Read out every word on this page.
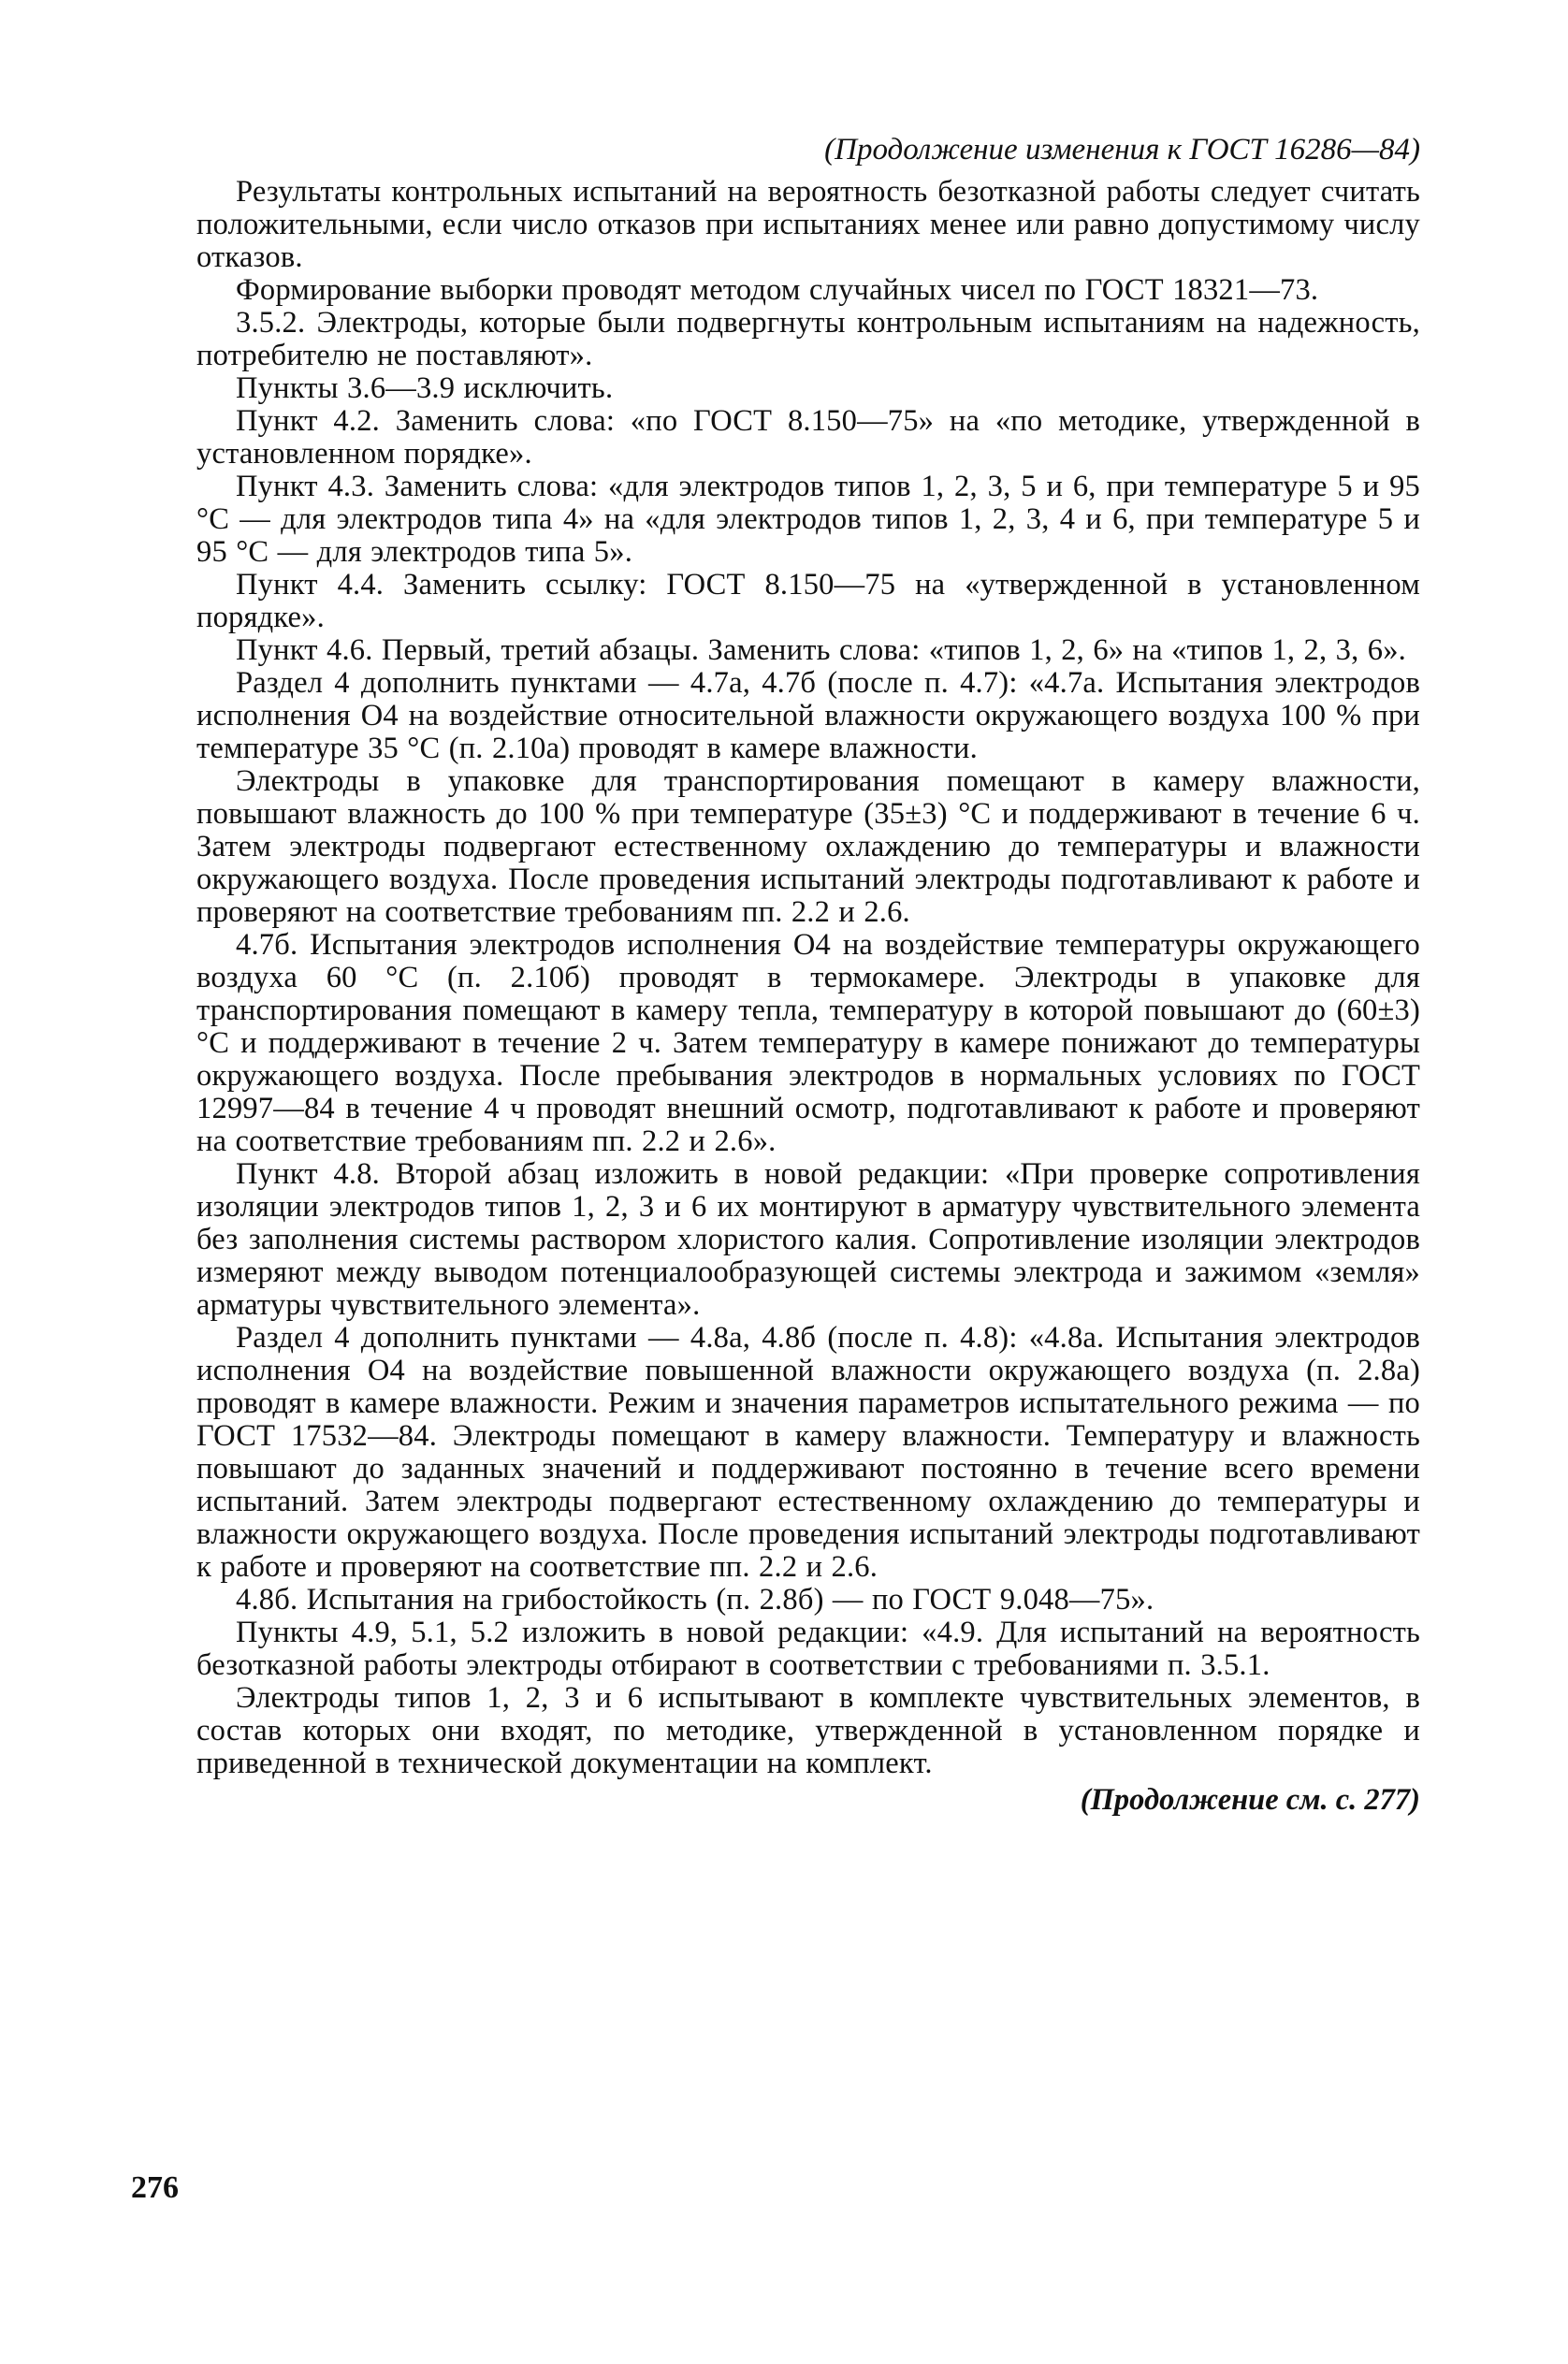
(Продолжение изменения к ГОСТ 16286—84)

Результаты контрольных испытаний на вероятность безотказной работы следует считать положительными, если число отказов при испытаниях менее или равно допустимому числу отказов.

Формирование выборки проводят методом случайных чисел по ГОСТ 18321—73.

3.5.2. Электроды, которые были подвергнуты контрольным испытаниям на надежность, потребителю не поставляют».

Пункты 3.6—3.9 исключить.

Пункт 4.2. Заменить слова: «по ГОСТ 8.150—75» на «по методике, утвержденной в установленном порядке».

Пункт 4.3. Заменить слова: «для электродов типов 1, 2, 3, 5 и 6, при температуре 5 и 95 °C — для электродов типа 4» на «для электродов типов 1, 2, 3, 4 и 6, при температуре 5 и 95 °C — для электродов типа 5».

Пункт 4.4. Заменить ссылку: ГОСТ 8.150—75 на «утвержденной в установленном порядке».

Пункт 4.6. Первый, третий абзацы. Заменить слова: «типов 1, 2, 6» на «типов 1, 2, 3, 6».

Раздел 4 дополнить пунктами — 4.7а, 4.7б (после п. 4.7): «4.7а. Испытания электродов исполнения О4 на воздействие относительной влажности окружающего воздуха 100 % при температуре 35 °C (п. 2.10а) проводят в камере влажности.

Электроды в упаковке для транспортирования помещают в камеру влажности, повышают влажность до 100 % при температуре (35±3) °C и поддерживают в течение 6 ч. Затем электроды подвергают естественному охлаждению до температуры и влажности окружающего воздуха. После проведения испытаний электроды подготавливают к работе и проверяют на соответствие требованиям пп. 2.2 и 2.6.

4.7б. Испытания электродов исполнения О4 на воздействие температуры окружающего воздуха 60 °C (п. 2.10б) проводят в термокамере. Электроды в упаковке для транспортирования помещают в камеру тепла, температуру в которой повышают до (60±3) °C и поддерживают в течение 2 ч. Затем температуру в камере понижают до температуры окружающего воздуха. После пребывания электродов в нормальных условиях по ГОСТ 12997—84 в течение 4 ч проводят внешний осмотр, подготавливают к работе и проверяют на соответствие требованиям пп. 2.2 и 2.6».

Пункт 4.8. Второй абзац изложить в новой редакции: «При проверке сопротивления изоляции электродов типов 1, 2, 3 и 6 их монтируют в арматуру чувствительного элемента без заполнения системы раствором хлористого калия. Сопротивление изоляции электродов измеряют между выводом потенциалообразующей системы электрода и зажимом «земля» арматуры чувствительного элемента».

Раздел 4 дополнить пунктами — 4.8а, 4.8б (после п. 4.8): «4.8а. Испытания электродов исполнения О4 на воздействие повышенной влажности окружающего воздуха (п. 2.8а) проводят в камере влажности. Режим и значения параметров испытательного режима — по ГОСТ 17532—84. Электроды помещают в камеру влажности. Температуру и влажность повышают до заданных значений и поддерживают постоянно в течение всего времени испытаний. Затем электроды подвергают естественному охлаждению до температуры и влажности окружающего воздуха. После проведения испытаний электроды подготавливают к работе и проверяют на соответствие пп. 2.2 и 2.6.

4.8б. Испытания на грибостойкость (п. 2.8б) — по ГОСТ 9.048—75».

Пункты 4.9, 5.1, 5.2 изложить в новой редакции: «4.9. Для испытаний на вероятность безотказной работы электроды отбирают в соответствии с требованиями п. 3.5.1.

Электроды типов 1, 2, 3 и 6 испытывают в комплекте чувствительных элементов, в состав которых они входят, по методике, утвержденной в установленном порядке и приведенной в технической документации на комплект.

(Продолжение см. с. 277)
276
